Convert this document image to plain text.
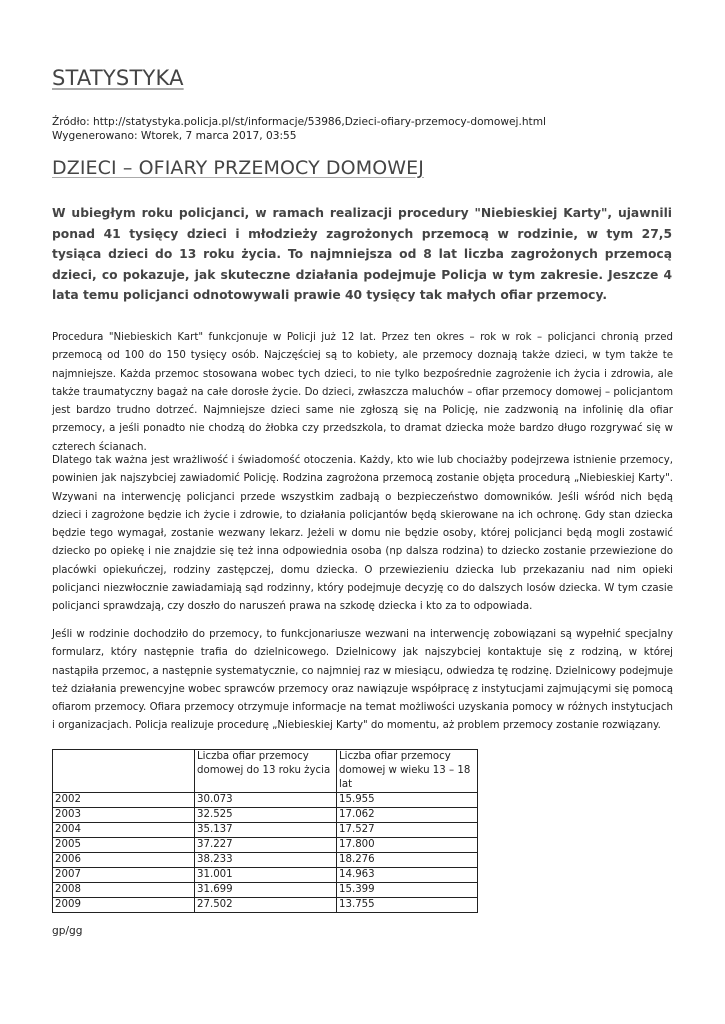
STATYSTYKA
Źródło: http://statystyka.policja.pl/st/informacje/53986,Dzieci-ofiary-przemocy-domowej.html
Wygenerowano: Wtorek, 7 marca 2017, 03:55
DZIECI – OFIARY PRZEMOCY DOMOWEJ

W ubiegłym roku policjanci, w ramach realizacji procedury "Niebieskiej Karty", ujawnili ponad 41 tysięcy dzieci i młodzieży zagrożonych przemocą w rodzinie, w tym 27,5 tysiąca dzieci do 13 roku życia. To najmniejsza od 8 lat liczba zagrożonych przemocą dzieci, co pokazuje, jak skuteczne działania podejmuje Policja w tym zakresie. Jeszcze 4 lata temu policjanci odnotowywali prawie 40 tysięcy tak małych ofiar przemocy.

Procedura "Niebieskich Kart" funkcjonuje w Policji już 12 lat. Przez ten okres – rok w rok – policjanci chronią przed przemocą od 100 do 150 tysięcy osób. Najczęściej są to kobiety, ale przemocy doznają także dzieci, w tym także te najmniejsze. Każda przemoc stosowana wobec tych dzieci, to nie tylko bezpośrednie zagrożenie ich życia i zdrowia, ale także traumatyczny bagaż na całe dorosłe życie. Do dzieci, zwłaszcza maluchów – ofiar przemocy domowej – policjantom jest bardzo trudno dotrzeć. Najmniejsze dzieci same nie zgłoszą się na Policję, nie zadzwonią na infolinię dla ofiar przemocy, a jeśli ponadto nie chodzą do żłobka czy przedszkola, to dramat dziecka może bardzo długo rozgrywać się w czterech ścianach.

Dlatego tak ważna jest wrażliwość i świadomość otoczenia. Każdy, kto wie lub chociażby podejrzewa istnienie przemocy, powinien jak najszybciej zawiadomić Policję. Rodzina zagrożona przemocą zostanie objęta procedurą „Niebieskiej Karty". Wzywani na interwencję policjanci przede wszystkim zadbają o bezpieczeństwo domowników. Jeśli wśród nich będą dzieci i zagrożone będzie ich życie i zdrowie, to działania policjantów będą skierowane na ich ochronę. Gdy stan dziecka będzie tego wymagał, zostanie wezwany lekarz. Jeżeli w domu nie będzie osoby, której policjanci będą mogli zostawić dziecko po opiekę i nie znajdzie się też inna odpowiednia osoba (np dalsza rodzina) to dziecko zostanie przewiezione do placówki opiekuńczej, rodziny zastępczej, domu dziecka. O przewiezieniu dziecka lub przekazaniu nad nim opieki policjanci niezwłocznie zawiadamiają sąd rodzinny, który podejmuje decyzję co do dalszych losów dziecka. W tym czasie policjanci sprawdzają, czy doszło do naruszeń prawa na szkodę dziecka i kto za to odpowiada.

Jeśli w rodzinie dochodziło do przemocy, to funkcjonariusze wezwani na interwencję zobowiązani są wypełnić specjalny formularz, który następnie trafia do dzielnicowego. Dzielnicowy jak najszybciej kontaktuje się z rodziną, w której nastąpiła przemoc, a następnie systematycznie, co najmniej raz w miesiącu, odwiedza tę rodzinę. Dzielnicowy podejmuje też działania prewencyjne wobec sprawców przemocy oraz nawiązuje współpracę z instytucjami zajmującymi się pomocą ofiarom przemocy. Ofiara przemocy otrzymuje informacje na temat możliwości uzyskania pomocy w różnych instytucjach i organizacjach. Policja realizuje procedurę „Niebieskiej Karty" do momentu, aż problem przemocy zostanie rozwiązany.

	Liczba ofiar przemocy domowej do 13 roku życia	Liczba ofiar przemocy domowej w wieku 13 – 18 lat
2002	30.073	15.955
2003	32.525	17.062
2004	35.137	17.527
2005	37.227	17.800
2006	38.233	18.276
2007	31.001	14.963
2008	31.699	15.399
2009	27.502	13.755
gp/gg
